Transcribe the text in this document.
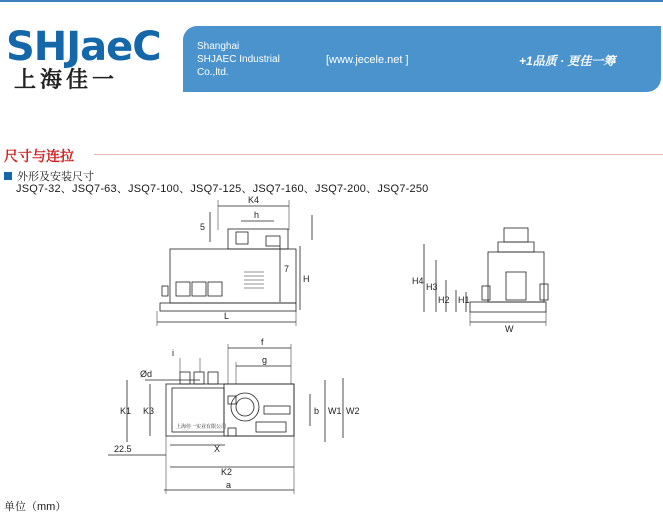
SHJaeC
上海佳一
Shanghai
SHJAEC Industrial
Co.,ltd.
[www.jecele.net ]	+1品质 · 更佳一筹
尺寸与连拉
外形及安装尺寸
JSQ7-32、JSQ7-63、JSQ7-100、JSQ7-125、JSQ7-160、JSQ7-200、JSQ7-250
K4
h
5
7
H
L
H4
H3
H2 H1
W
f
g
i
Ød
K1 K3	b W1 W2
22.5	X
K2
a
上海佳一实业有限公司
单位（mm）
